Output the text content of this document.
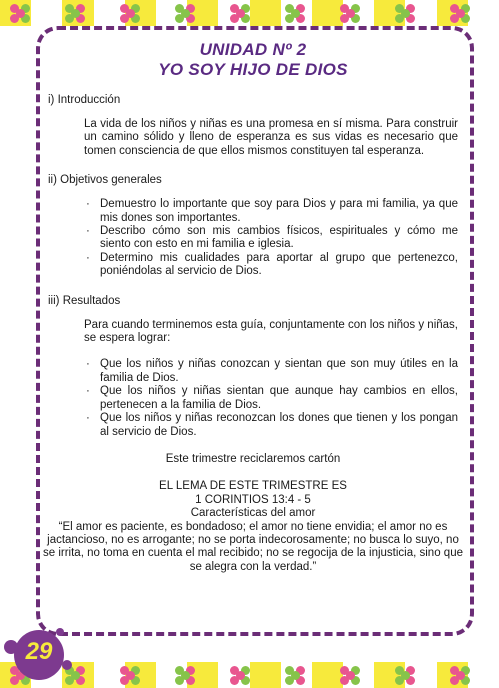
UNIDAD Nº 2
YO SOY HIJO DE DIOS
i) Introducción
La vida de los niños y niñas es una promesa en sí misma. Para construir un camino sólido y lleno de esperanza es sus vidas es necesario que tomen consciencia de que ellos mismos constituyen tal esperanza.
ii) Objetivos generales
· Demuestro lo importante que soy para Dios y para mi familia, ya que mis dones son importantes.
· Describo cómo son mis cambios físicos, espirituales y cómo me siento con esto en mi familia e iglesia.
· Determino mis cualidades para aportar al grupo que pertenezco, poniéndolas al servicio de Dios.
iii) Resultados
Para cuando terminemos esta guía, conjuntamente con los niños y niñas, se espera lograr:
· Que los niños y niñas conozcan y sientan que son muy útiles en la familia de Dios.
· Que los niños y niñas sientan que aunque hay cambios en ellos, pertenecen a la familia de Dios.
· Que los niños y niñas reconozcan los dones que tienen y los pongan al servicio de Dios.
Este trimestre reciclaremos cartón
EL LEMA DE ESTE TRIMESTRE ES
1 CORINTIOS 13:4 - 5
Características del amor
“El amor es paciente, es bondadoso; el amor no tiene envidia; el amor no es jactancioso, no es arrogante; no se porta indecorosamente; no busca lo suyo, no se irrita, no toma en cuenta el mal recibido; no se regocija de la injusticia, sino que se alegra con la verdad.”
29
